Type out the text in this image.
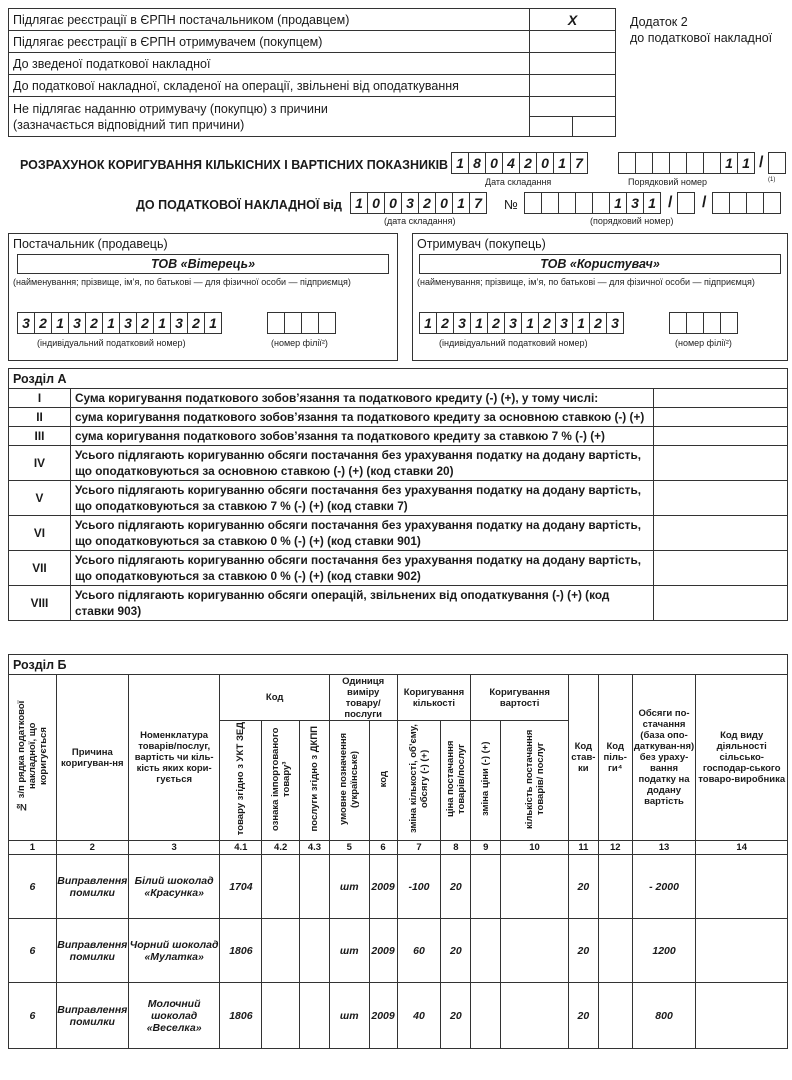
Підлягає реєстрації в ЄРПН постачальником (продавцем)	X	
Підлягає реєстрації в ЄРПН отримувачем (покупцем)		
До зведеної податкової накладної		
До податкової накладної, складеної на операції, звільнені від оподаткування		

Не підлягає наданню отримувачу (покупцю) з причини
(зазначається відповідний тип причини)		

Додаток 2
до податкової накладної
РОЗРАХУНОК КОРИГУВАННЯ КІЛЬКІСНИХ І ВАРТІСНИХ ПОКАЗНИКІВ 1 8 0 4 2 0 1 7	1 1 /
Дата складання	Порядковий номер	(1)
ДО ПОДАТКОВОЇ НАКЛАДНОЇ від 1 0 0 3 2 0 1 7	№	1 3 1 /	/
(дата складання)	(порядковий номер)
Постачальник (продавець)
ТОВ «Вітерець»
(найменування; прізвище, ім’я, по батькові — для фізичної особи — підприємця)
3 2 1 3 2 1 3 2 1 3 2 1
(індивідуальний податковий номер)	(номер філії²)
Отримувач (покупець)
ТОВ «Користувач»
(найменування; прізвище, ім’я, по батькові — для фізичної особи — підприємця)
1 2 3 1 2 3 1 2 3 1 2 3
(індивідуальний податковий номер)	(номер філії²)
Розділ А		
I	Сума коригування податкового зобов’язання та податкового кредиту (-) (+), у тому числі:	
II	сума коригування податкового зобов’язання та податкового кредиту за основною ставкою (-) (+)	
III	сума коригування податкового зобов’язання та податкового кредиту за ставкою 7 % (-) (+)	
IV	Усього підлягають коригуванню обсяги постачання без урахування податку на додану вартість, що оподатковуються за основною ставкою (-) (+) (код ставки 20)	
V	Усього підлягають коригуванню обсяги постачання без урахування податку на додану вартість, що оподатковуються за ставкою 7 % (-) (+) (код ставки 7)	
VI	Усього підлягають коригуванню обсяги постачання без урахування податку на додану вартість, що оподатковуються за ставкою 0 % (-) (+) (код ставки 901)	
VII	Усього підлягають коригуванню обсяги постачання без урахування податку на додану вартість, що оподатковуються за ставкою 0 % (-) (+) (код ставки 902)	
VIII	Усього підлягають коригуванню обсяги операцій, звільнених від оподаткування (-) (+) (код ставки 903)	
Розділ Б															
№ з/п рядка податкової накладної, що коригується	Причина коригуван-ня	Номенклатура товарів/послуг, вартість чи кіль-кість яких кори-гується	Код			Одиниця виміру товару/ послуги		Коригування кількості		Коригування вартості		Код став-ки	Код піль-ги⁴	Обсяги по-стачання (база опо-даткуван-ня) без ураху-вання податку на додану вартість	Код виду діяльності сільсько-господар-ського товаро-виробника
			товару згідно з УКТ ЗЕД	ознака імпортованого товару³	послуги згідно з ДКПП	умовне позначення (українське)	код	зміна кількості, об’єму, обсягу (-) (+)	ціна постачання товарів/послуг	зміна ціни (-) (+)	кількість постачання товарів/ послуг				
1	2	3	4.1	4.2	4.3	5	6	7	8	9	10	11	12	13	14
6	Виправлення помилки	Білий шоколад «Красунка»	1704			шт	2009	-100	20			20		- 2000	
6	Виправлення помилки	Чорний шоколад «Мулатка»	1806			шт	2009	60	20			20		1200	
6	Виправлення помилки	Молочний шоколад «Веселка»	1806			шт	2009	40	20			20		800	
